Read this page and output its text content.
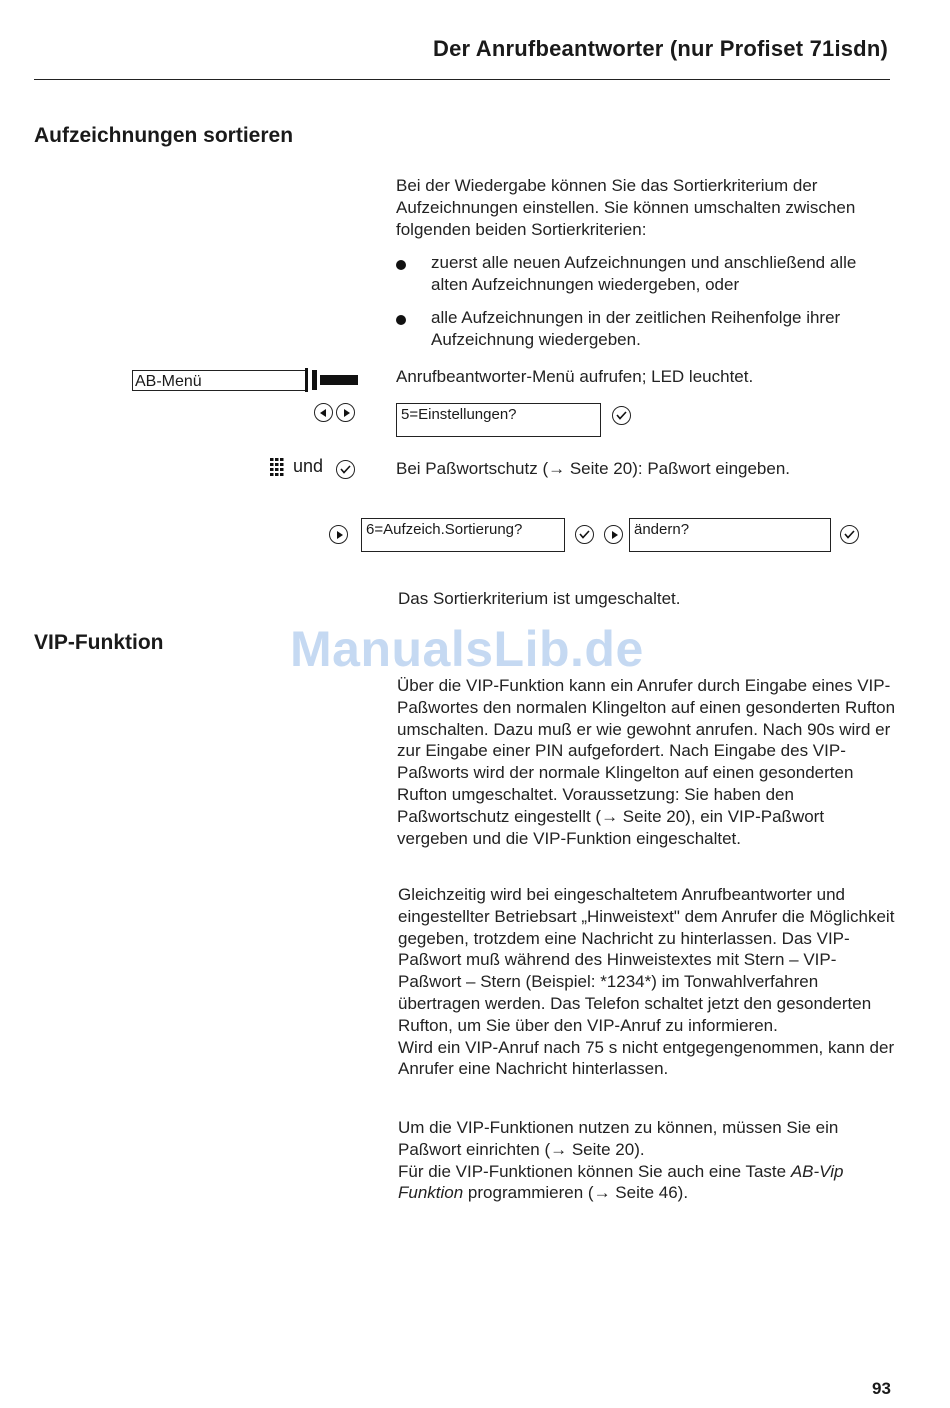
Der Anrufbeantworter (nur Profiset 71isdn)
Aufzeichnungen sortieren
Bei der Wiedergabe können Sie das Sortierkriterium der Aufzeichnungen einstellen. Sie können umschalten zwischen folgenden beiden Sortierkriterien:
zuerst alle neuen Aufzeichnungen und anschließend alle alten Aufzeichnungen wiedergeben, oder
alle Aufzeichnungen in der zeitlichen Reihenfolge ihrer Aufzeichnung wiedergeben.
AB-Menü	Anrufbeantworter-Menü aufrufen; LED leuchtet.
5=Einstellungen?
und	Bei Paßwortschutz (→ Seite 20): Paßwort eingeben.
6=Aufzeich.Sortierung?	ändern?
Das Sortierkriterium ist umgeschaltet.
VIP-Funktion	ManualsLib.de
Über die VIP-Funktion kann ein Anrufer durch Eingabe eines VIP-Paßwortes den normalen Klingelton auf einen gesonderten Rufton umschalten. Dazu muß er wie gewohnt anrufen. Nach 90s wird er zur Eingabe einer PIN aufgefordert. Nach Eingabe des VIP-Paßworts wird der normale Klingelton auf einen gesonderten Rufton umgeschaltet. Voraussetzung: Sie haben den Paßwortschutz eingestellt (→ Seite 20), ein VIP-Paßwort vergeben und die VIP-Funktion eingeschaltet.
Gleichzeitig wird bei eingeschaltetem Anrufbeantworter und eingestellter Betriebsart „Hinweistext" dem Anrufer die Möglichkeit gegeben, trotzdem eine Nachricht zu hinterlassen. Das VIP-Paßwort muß während des Hinweistextes mit Stern – VIP-Paßwort – Stern (Beispiel: *1234*) im Tonwahlverfahren übertragen werden. Das Telefon schaltet jetzt den gesonderten Rufton, um Sie über den VIP-Anruf zu informieren.
Wird ein VIP-Anruf nach 75 s nicht entgegengenommen, kann der Anrufer eine Nachricht hinterlassen.
Um die VIP-Funktionen nutzen zu können, müssen Sie ein Paßwort einrichten (→ Seite 20).
Für die VIP-Funktionen können Sie auch eine Taste AB-Vip Funktion programmieren (→ Seite 46).
93
